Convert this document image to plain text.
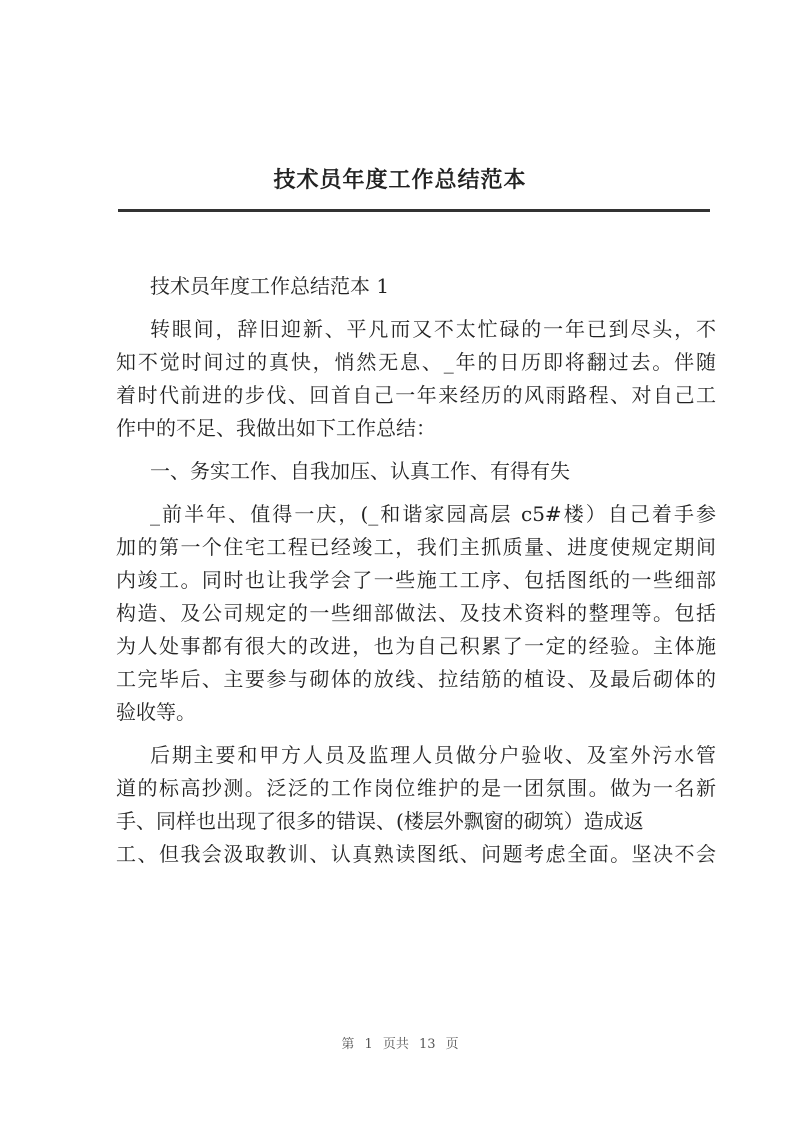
技术员年度工作总结范本
技术员年度工作总结范本 1
转眼间，辞旧迎新、平凡而又不太忙碌的一年已到尽头，不
知不觉时间过的真快，悄然无息、_年的日历即将翻过去。伴随
着时代前进的步伐、回首自己一年来经历的风雨路程、对自己工
作中的不足、我做出如下工作总结：
一、务实工作、自我加压、认真工作、有得有失
_前半年、值得一庆，(_和谐家园高层 c5#楼）自己着手参
加的第一个住宅工程已经竣工，我们主抓质量、进度使规定期间
内竣工。同时也让我学会了一些施工工序、包括图纸的一些细部
构造、及公司规定的一些细部做法、及技术资料的整理等。包括
为人处事都有很大的改进，也为自己积累了一定的经验。主体施
工完毕后、主要参与砌体的放线、拉结筋的植设、及最后砌体的
验收等。
后期主要和甲方人员及监理人员做分户验收、及室外污水管
道的标高抄测。泛泛的工作岗位维护的是一团氛围。做为一名新
手、同样也出现了很多的错误、(楼层外飘窗的砌筑）造成返
工、但我会汲取教训、认真熟读图纸、问题考虑全面。坚决不会
第 1 页共 13 页
